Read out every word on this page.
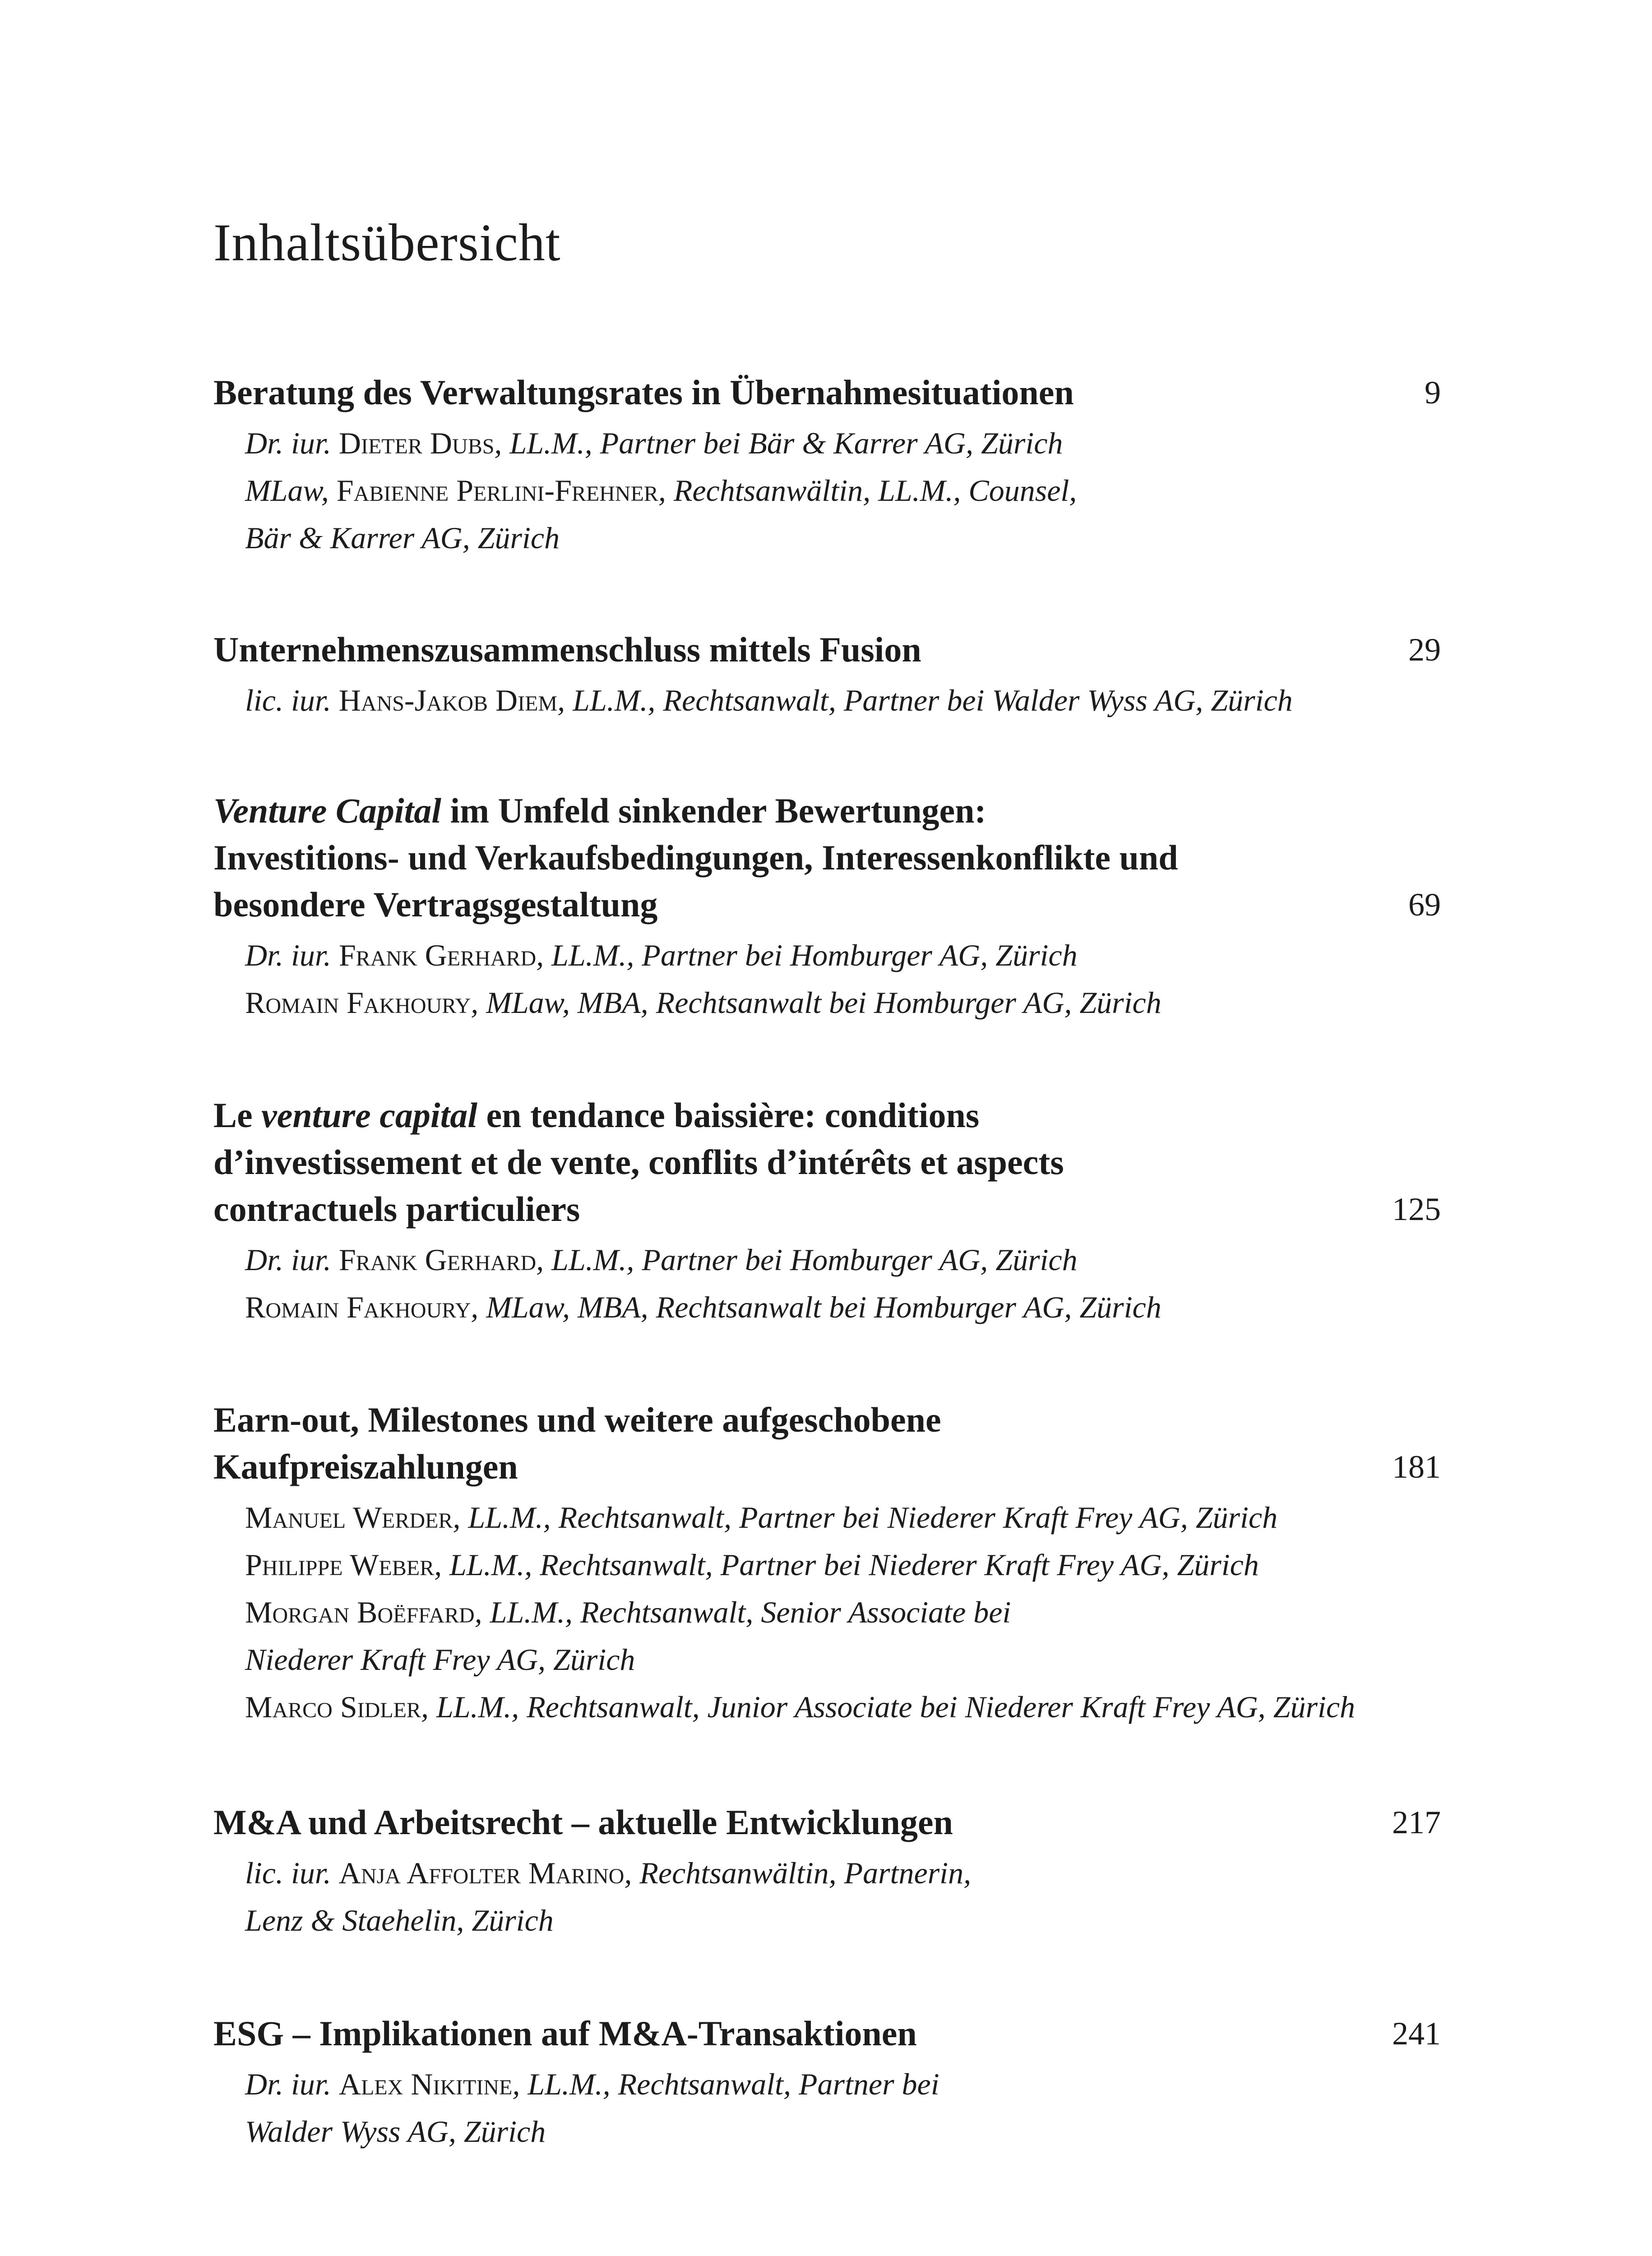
Inhaltsübersicht
Beratung des Verwaltungsrates in Übernahmesituationen	9
Dr. iur. Dieter Dubs, LL.M., Partner bei Bär & Karrer AG, Zürich
MLaw, Fabienne Perlini-Frehner, Rechtsanwältin, LL.M., Counsel,
Bär & Karrer AG, Zürich
Unternehmenszusammenschluss mittels Fusion	29
lic. iur. Hans-Jakob Diem, LL.M., Rechtsanwalt, Partner bei Walder Wyss AG, Zürich
Venture Capital im Umfeld sinkender Bewertungen:
Investitions- und Verkaufsbedingungen, Interessenkonflikte und
besondere Vertragsgestaltung	69
Dr. iur. Frank Gerhard, LL.M., Partner bei Homburger AG, Zürich
Romain Fakhoury, MLaw, MBA, Rechtsanwalt bei Homburger AG, Zürich
Le venture capital en tendance baissière: conditions
d’investissement et de vente, conflits d’intérêts et aspects
contractuels particuliers	125
Dr. iur. Frank Gerhard, LL.M., Partner bei Homburger AG, Zürich
Romain Fakhoury, MLaw, MBA, Rechtsanwalt bei Homburger AG, Zürich
Earn-out, Milestones und weitere aufgeschobene
Kaufpreiszahlungen	181
Manuel Werder, LL.M., Rechtsanwalt, Partner bei Niederer Kraft Frey AG, Zürich
Philippe Weber, LL.M., Rechtsanwalt, Partner bei Niederer Kraft Frey AG, Zürich
Morgan Boëffard, LL.M., Rechtsanwalt, Senior Associate bei
Niederer Kraft Frey AG, Zürich
Marco Sidler, LL.M., Rechtsanwalt, Junior Associate bei Niederer Kraft Frey AG, Zürich
M&A und Arbeitsrecht – aktuelle Entwicklungen	217
lic. iur. Anja Affolter Marino, Rechtsanwältin, Partnerin,
Lenz & Staehelin, Zürich
ESG – Implikationen auf M&A-Transaktionen	241
Dr. iur. Alex Nikitine, LL.M., Rechtsanwalt, Partner bei
Walder Wyss AG, Zürich
